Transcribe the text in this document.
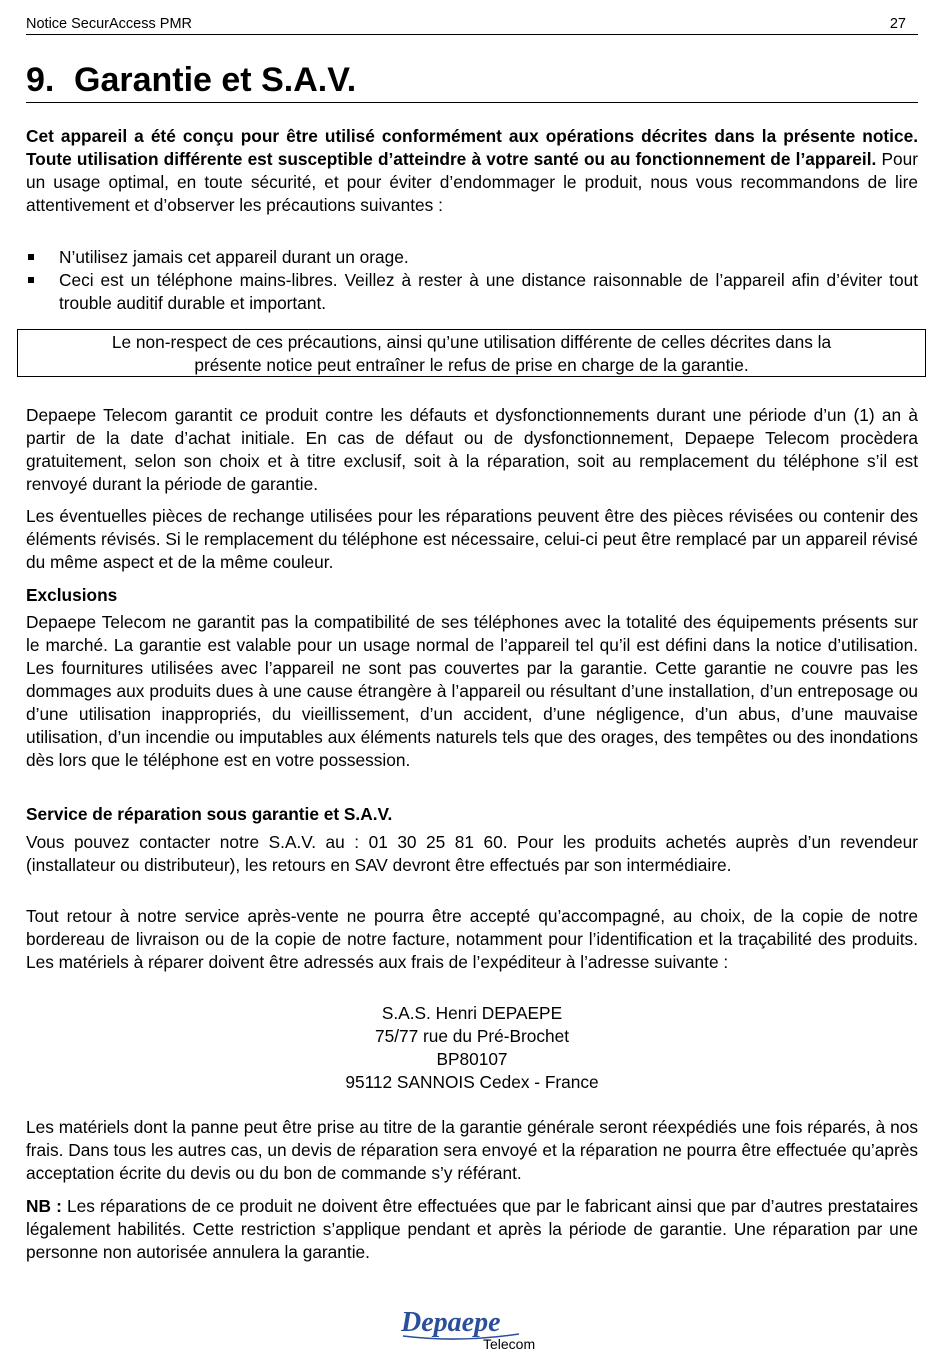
Notice SecurAccess PMR	27
9. Garantie et S.A.V.

Cet appareil a été conçu pour être utilisé conformément aux opérations décrites dans la présente notice. Toute utilisation différente est susceptible d’atteindre à votre santé ou au fonctionnement de l’appareil. Pour un usage optimal, en toute sécurité, et pour éviter d’endommager le produit, nous vous recommandons de lire attentivement et d’observer les précautions suivantes :

N’utilisez jamais cet appareil durant un orage.
Ceci est un téléphone mains-libres. Veillez à rester à une distance raisonnable de l’appareil afin d’éviter tout trouble auditif durable et important.
Le non-respect de ces précautions, ainsi qu’une utilisation différente de celles décrites dans la
présente notice peut entraîner le refus de prise en charge de la garantie.

Depaepe Telecom garantit ce produit contre les défauts et dysfonctionnements durant une période d’un (1) an à partir de la date d’achat initiale. En cas de défaut ou de dysfonctionnement, Depaepe Telecom procèdera gratuitement, selon son choix et à titre exclusif, soit à la réparation, soit au remplacement du téléphone s’il est renvoyé durant la période de garantie.

Les éventuelles pièces de rechange utilisées pour les réparations peuvent être des pièces révisées ou contenir des éléments révisés. Si le remplacement du téléphone est nécessaire, celui-ci peut être remplacé par un appareil révisé du même aspect et de la même couleur.

Exclusions

Depaepe Telecom ne garantit pas la compatibilité de ses téléphones avec la totalité des équipements présents sur le marché. La garantie est valable pour un usage normal de l’appareil tel qu’il est défini dans la notice d’utilisation. Les fournitures utilisées avec l’appareil ne sont pas couvertes par la garantie. Cette garantie ne couvre pas les dommages aux produits dues à une cause étrangère à l’appareil ou résultant d’une installation, d’un entreposage ou d’une utilisation inappropriés, du vieillissement, d’un accident, d’une négligence, d’un abus, d’une mauvaise utilisation, d’un incendie ou imputables aux éléments naturels tels que des orages, des tempêtes ou des inondations dès lors que le téléphone est en votre possession.

Service de réparation sous garantie et S.A.V.

Vous pouvez contacter notre S.A.V. au : 01 30 25 81 60. Pour les produits achetés auprès d’un revendeur (installateur ou distributeur), les retours en SAV devront être effectués par son intermédiaire.

Tout retour à notre service après-vente ne pourra être accepté qu’accompagné, au choix, de la copie de notre bordereau de livraison ou de la copie de notre facture, notamment pour l’identification et la traçabilité des produits. Les matériels à réparer doivent être adressés aux frais de l’expéditeur à l’adresse suivante :

S.A.S. Henri DEPAEPE
75/77 rue du Pré-Brochet
BP80107
95112 SANNOIS Cedex - France

Les matériels dont la panne peut être prise au titre de la garantie générale seront réexpédiés une fois réparés, à nos frais. Dans tous les autres cas, un devis de réparation sera envoyé et la réparation ne pourra être effectuée qu’après acceptation écrite du devis ou du bon de commande s’y référant.

NB : Les réparations de ce produit ne doivent être effectuées que par le fabricant ainsi que par d’autres prestataires légalement habilités. Cette restriction s’applique pendant et après la période de garantie. Une réparation par une personne non autorisée annulera la garantie.

Depaepe
Telecom
